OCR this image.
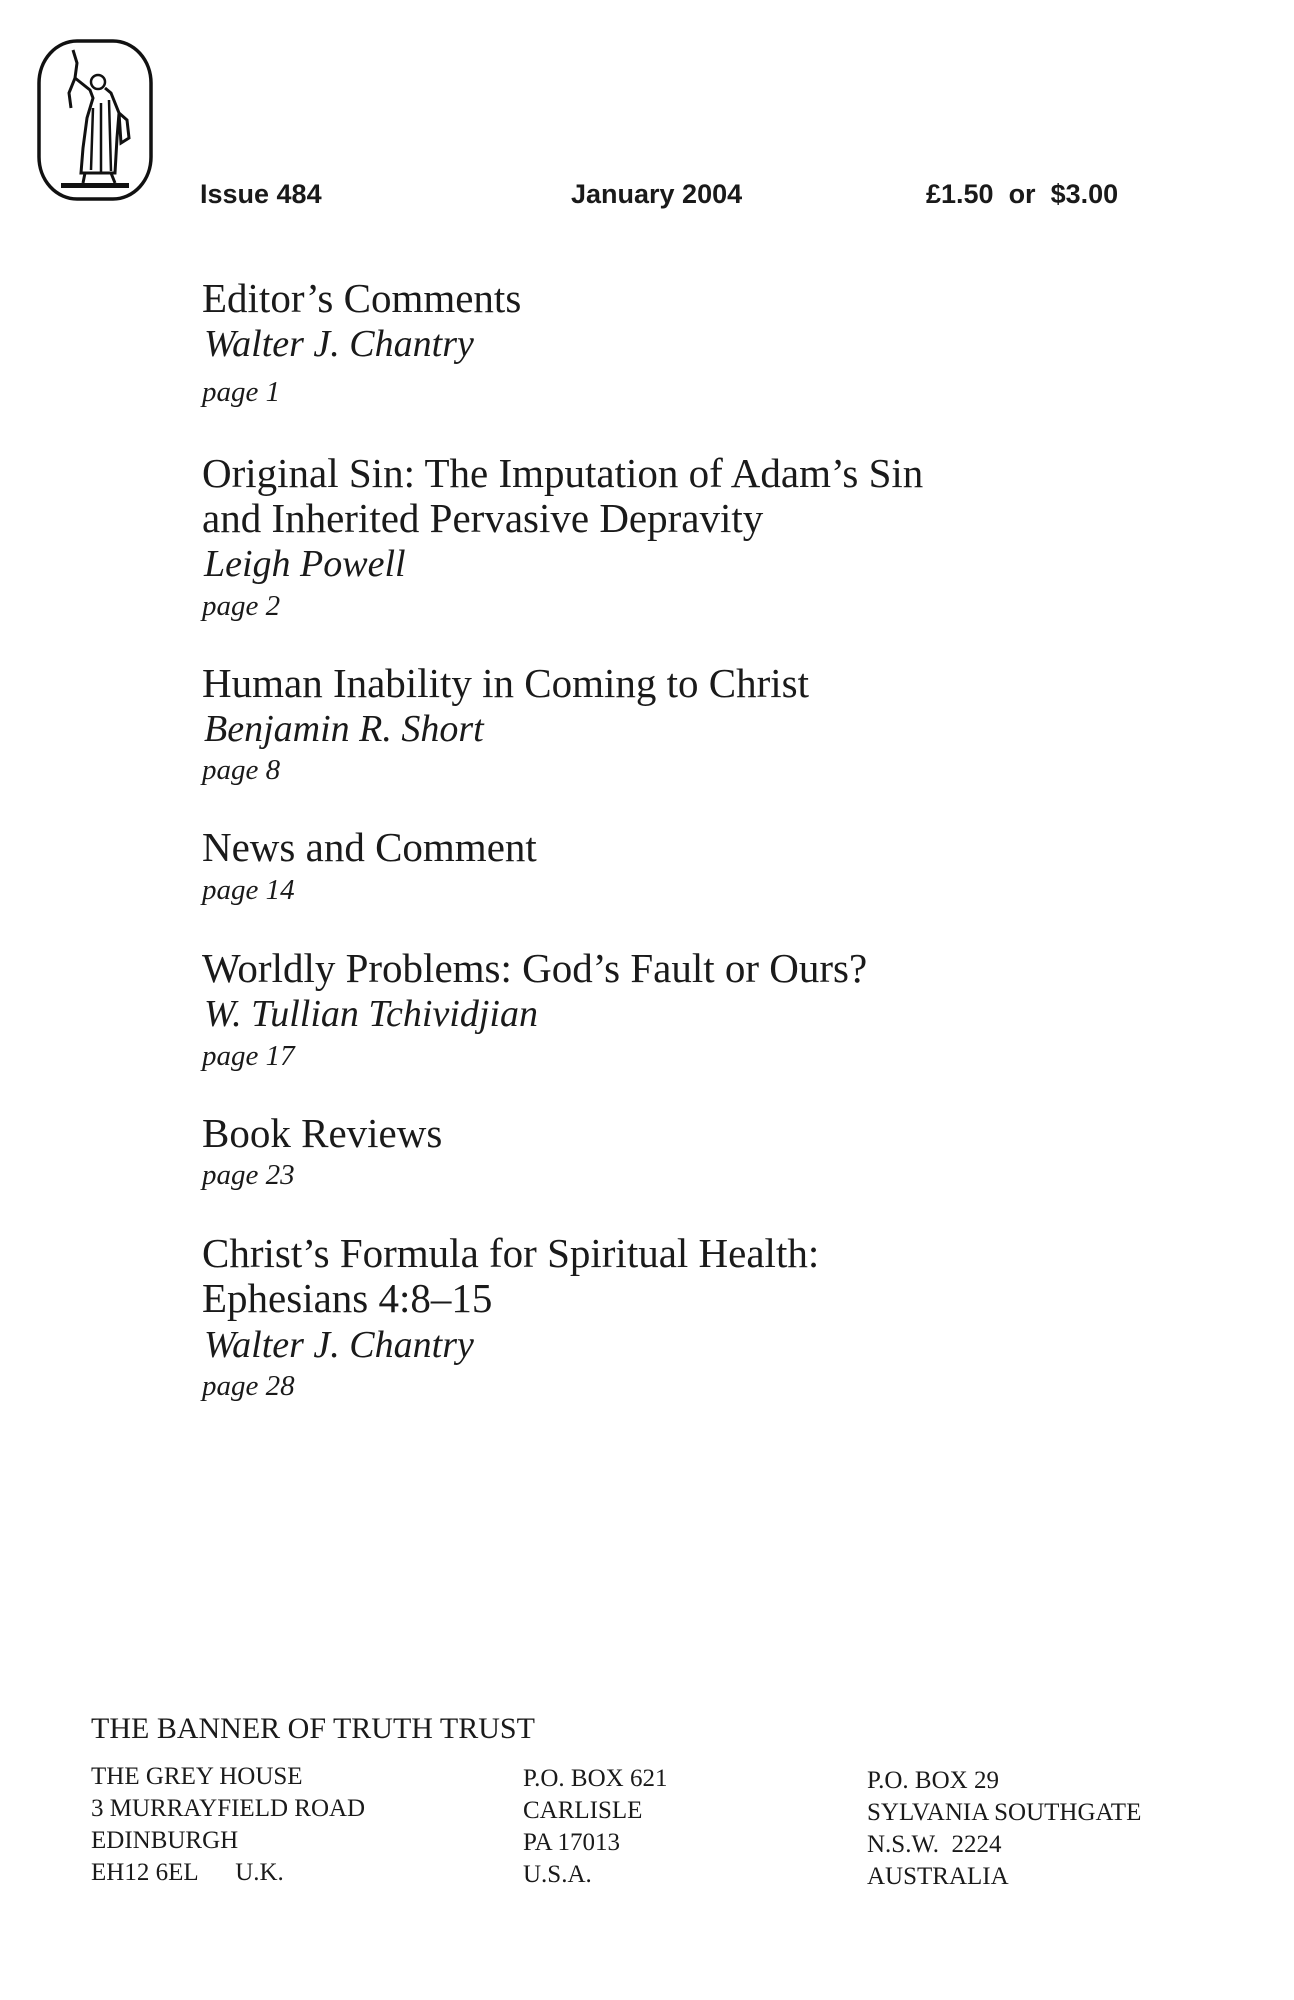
Issue 484	January 2004	£1.50  or  $3.00
Editor’s Comments
Walter J. Chantry
page 1
Original Sin: The Imputation of Adam’s Sin
and Inherited Pervasive Depravity
Leigh Powell
page 2
Human Inability in Coming to Christ
Benjamin R. Short
page 8
News and Comment
page 14
Worldly Problems: God’s Fault or Ours?
W. Tullian Tchividjian
page 17
Book Reviews
page 23
Christ’s Formula for Spiritual Health:
Ephesians 4:8–15
Walter J. Chantry
page 28
THE BANNER OF TRUTH TRUST
THE GREY HOUSE
3 MURRAYFIELD ROAD
EDINBURGH
EH12 6EL      U.K.
P.O. BOX 621
CARLISLE
PA 17013
U.S.A.
P.O. BOX 29
SYLVANIA SOUTHGATE
N.S.W.  2224
AUSTRALIA
